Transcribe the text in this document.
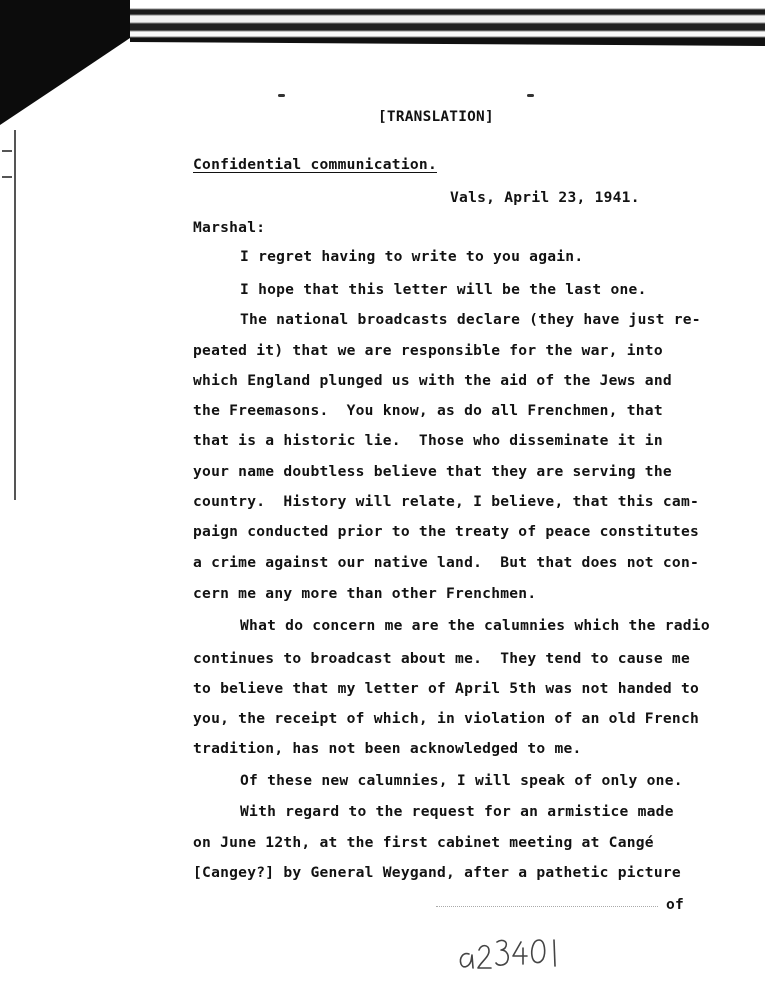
[TRANSLATION]
Confidential communication.
Vals, April 23, 1941.
Marshal:
I regret having to write to you again.
I hope that this letter will be the last one.
The national broadcasts declare (they have just re-
peated it) that we are responsible for the war, into
which England plunged us with the aid of the Jews and
the Freemasons.  You know, as do all Frenchmen, that
that is a historic lie.  Those who disseminate it in
your name doubtless believe that they are serving the
country.  History will relate, I believe, that this cam-
paign conducted prior to the treaty of peace constitutes
a crime against our native land.  But that does not con-
cern me any more than other Frenchmen.
What do concern me are the calumnies which the radio
continues to broadcast about me.  They tend to cause me
to believe that my letter of April 5th was not handed to
you, the receipt of which, in violation of an old French
tradition, has not been acknowledged to me.
Of these new calumnies, I will speak of only one.
With regard to the request for an armistice made
on June 12th, at the first cabinet meeting at Cangé
[Cangey?] by General Weygand, after a pathetic picture
of
